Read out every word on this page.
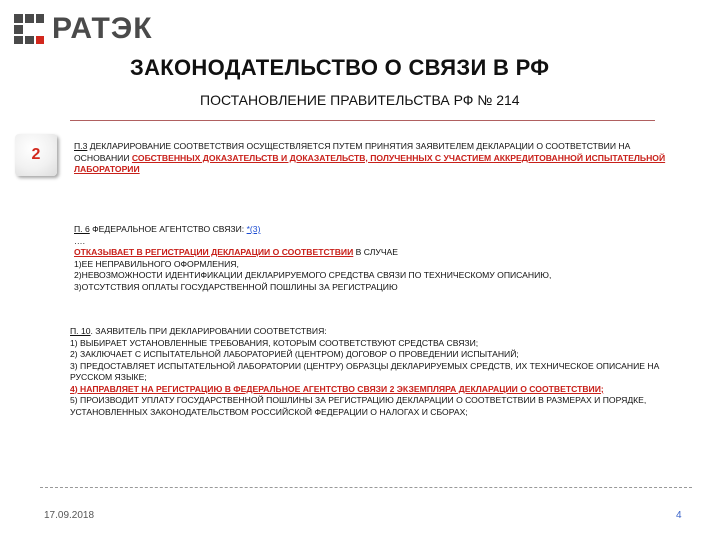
РАТЭК
ЗАКОНОДАТЕЛЬСТВО О СВЯЗИ В РФ
ПОСТАНОВЛЕНИЕ ПРАВИТЕЛЬСТВА РФ № 214
2	П.3 ДЕКЛАРИРОВАНИЕ СООТВЕТСТВИЯ ОСУЩЕСТВЛЯЕТСЯ ПУТЕМ ПРИНЯТИЯ ЗАЯВИТЕЛЕМ ДЕКЛАРАЦИИ О СООТВЕТСТВИИ НА ОСНОВАНИИ СОБСТВЕННЫХ ДОКАЗАТЕЛЬСТВ И ДОКАЗАТЕЛЬСТВ, ПОЛУЧЕННЫХ С УЧАСТИЕМ АККРЕДИТОВАННОЙ ИСПЫТАТЕЛЬНОЙ ЛАБОРАТОРИИ
П. 6 ФЕДЕРАЛЬНОЕ АГЕНТСТВО СВЯЗИ: *(3)
….
ОТКАЗЫВАЕТ В РЕГИСТРАЦИИ ДЕКЛАРАЦИИ О СООТВЕТСТВИИ В СЛУЧАЕ
1)ЕЕ НЕПРАВИЛЬНОГО ОФОРМЛЕНИЯ,
2)НЕВОЗМОЖНОСТИ ИДЕНТИФИКАЦИИ ДЕКЛАРИРУЕМОГО СРЕДСТВА СВЯЗИ ПО ТЕХНИЧЕСКОМУ ОПИСАНИЮ,
3)ОТСУТСТВИЯ ОПЛАТЫ ГОСУДАРСТВЕННОЙ ПОШЛИНЫ ЗА РЕГИСТРАЦИЮ
П. 10. ЗАЯВИТЕЛЬ ПРИ ДЕКЛАРИРОВАНИИ СООТВЕТСТВИЯ:
1) ВЫБИРАЕТ УСТАНОВЛЕННЫЕ ТРЕБОВАНИЯ, КОТОРЫМ СООТВЕТСТВУЮТ СРЕДСТВА СВЯЗИ;
2) ЗАКЛЮЧАЕТ С ИСПЫТАТЕЛЬНОЙ ЛАБОРАТОРИЕЙ (ЦЕНТРОМ) ДОГОВОР О ПРОВЕДЕНИИ ИСПЫТАНИЙ;
3) ПРЕДОСТАВЛЯЕТ ИСПЫТАТЕЛЬНОЙ ЛАБОРАТОРИИ (ЦЕНТРУ) ОБРАЗЦЫ ДЕКЛАРИРУЕМЫХ СРЕДСТВ, ИХ ТЕХНИЧЕСКОЕ ОПИСАНИЕ НА РУССКОМ ЯЗЫКЕ;
4) НАПРАВЛЯЕТ НА РЕГИСТРАЦИЮ В ФЕДЕРАЛЬНОЕ АГЕНТСТВО СВЯЗИ 2 ЭКЗЕМПЛЯРА ДЕКЛАРАЦИИ О СООТВЕТСТВИИ;
5) ПРОИЗВОДИТ УПЛАТУ ГОСУДАРСТВЕННОЙ ПОШЛИНЫ ЗА РЕГИСТРАЦИЮ ДЕКЛАРАЦИИ О СООТВЕТСТВИИ В РАЗМЕРАХ И ПОРЯДКЕ, УСТАНОВЛЕННЫХ ЗАКОНОДАТЕЛЬСТВОМ РОССИЙСКОЙ ФЕДЕРАЦИИ О НАЛОГАХ И СБОРАХ;
17.09.2018	4
